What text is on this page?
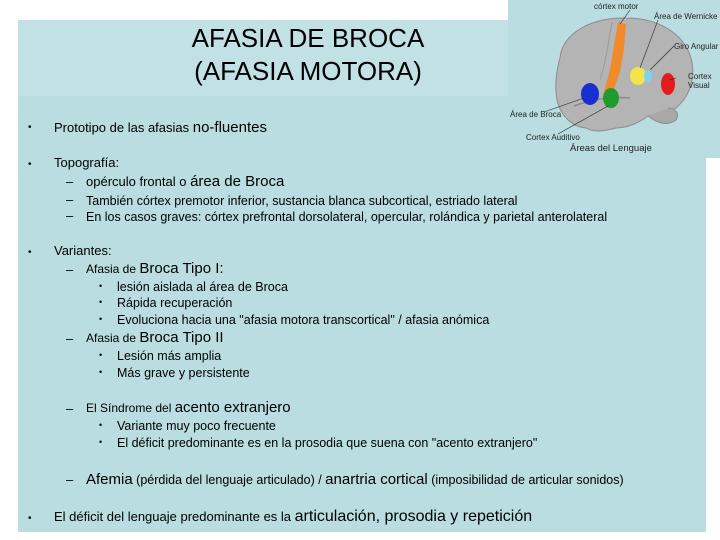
AFASIA DE BROCA
(AFASIA MOTORA)
córtex motor
Área de Wernicke
Giro Angular
Cortex
Visual
Área de Broca
Cortex Auditivo
Áreas del Lenguaje
• Prototipo de las afasias no-fluentes
• Topografía:
– opérculo frontal o área de Broca
– También córtex premotor inferior, sustancia blanca subcortical, estriado lateral
– En los casos graves: córtex prefrontal dorsolateral, opercular, rolándica y parietal anterolateral
• Variantes:
– Afasia de Broca Tipo I:
• lesión aislada al área de Broca
• Rápida recuperación
• Evoluciona hacia una "afasia motora transcortical" / afasia anómica
– Afasia de Broca Tipo II
• Lesión más amplia
• Más grave y persistente
– El Síndrome del acento extranjero
• Variante muy poco frecuente
• El déficit predominante es en la prosodia que suena con "acento extranjero"
– Afemia (pérdida del lenguaje articulado) / anartria cortical (imposibilidad de articular sonidos)
• El déficit del lenguaje predominante es la articulación, prosodia y repetición
